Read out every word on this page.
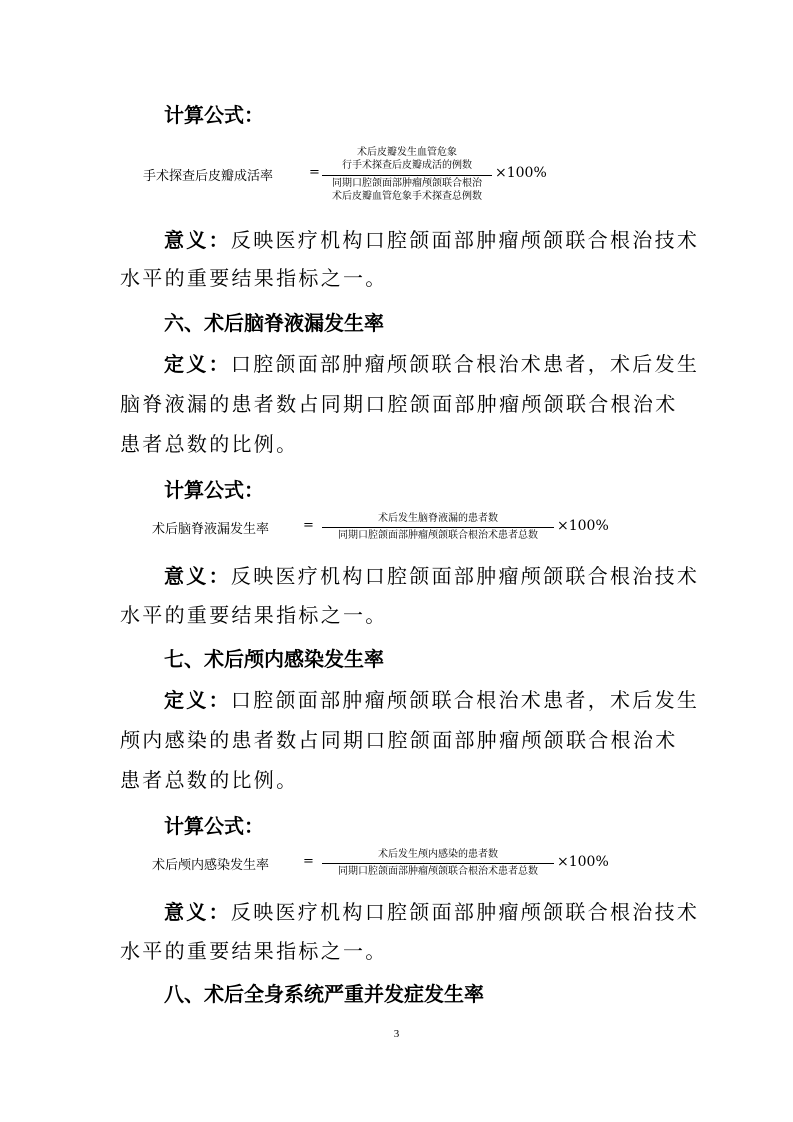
计算公式：
手术探查后皮瓣成活率	=
术后皮瓣发生血管危象
行手术探查后皮瓣成活的例数
同期口腔颌面部肿瘤颅颌联合根治
术后皮瓣血管危象手术探查总例数
×100%
意义：反映医疗机构口腔颌面部肿瘤颅颌联合根治技术
水平的重要结果指标之一。
六、术后脑脊液漏发生率
定义：口腔颌面部肿瘤颅颌联合根治术患者，术后发生
脑脊液漏的患者数占同期口腔颌面部肿瘤颅颌联合根治术
患者总数的比例。
计算公式：
术后脑脊液漏发生率	=	术后发生脑脊液漏的患者数
同期口腔颌面部肿瘤颅颌联合根治术患者总数
×100%
意义：反映医疗机构口腔颌面部肿瘤颅颌联合根治技术
水平的重要结果指标之一。
七、术后颅内感染发生率
定义：口腔颌面部肿瘤颅颌联合根治术患者，术后发生
颅内感染的患者数占同期口腔颌面部肿瘤颅颌联合根治术
患者总数的比例。
计算公式：
术后颅内感染发生率	=	术后发生颅内感染的患者数
同期口腔颌面部肿瘤颅颌联合根治术患者总数
×100%
意义：反映医疗机构口腔颌面部肿瘤颅颌联合根治技术
水平的重要结果指标之一。
八、术后全身系统严重并发症发生率
3
